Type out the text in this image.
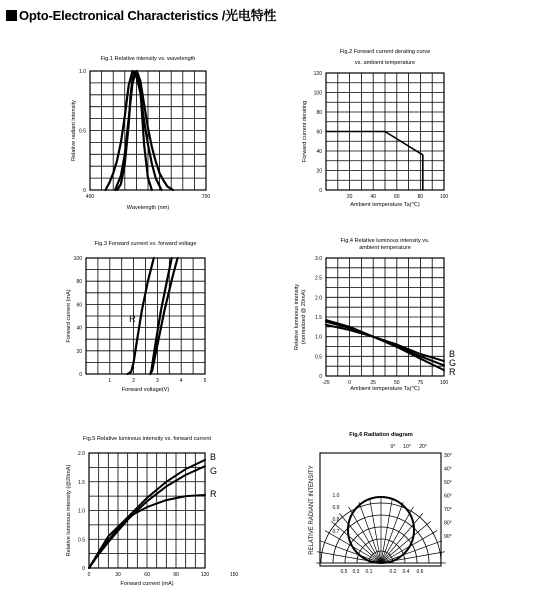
Opto-Electronical Characteristics /光电特性
400	700
0
0.5
1.0
Fig.1 Relative intensity vs. wavelength
Wavelength (nm)
Relative radiant intensity
20	40	60	80	100
0
20
40
60
80
100
120
Fig.2 Forward current derating curve
vs. ambient temperature
Ambient temperature Ta(℃)
Forward current derating
1	2	3	4	5
0
20
40
60
80
100
Fig.3 Forward current vs. forward voltage
Forward voltage(V)
Forward current (mA)	R
-25	0	25	50	75	100
0
0.5
1.0
1.5
2.0
2.5
3.0
Fig.4 Relative luminous intensity vs.
ambient temperature
Ambient temperature Ta(℃)
Relative luminous intensity (normalized @ 20mA)
B
G
R
0	30	60	90	120	150
0
0.5
1.0
1.5
2.0
Fig.5 Relative luminous intensity vs. forward current
Forward current (mA)
Relative luminous intensity (@20mA)
B
G
R
Fig.6 Radiation diagram
0° 10° 20°
30°
40°
50°
60°
70°
80°
90°
1.0
0.9
0.8
0.7
0.5 0.3 0.1	0.2 0.4 0.6
RELATIVE RADIANT INTENSITY
